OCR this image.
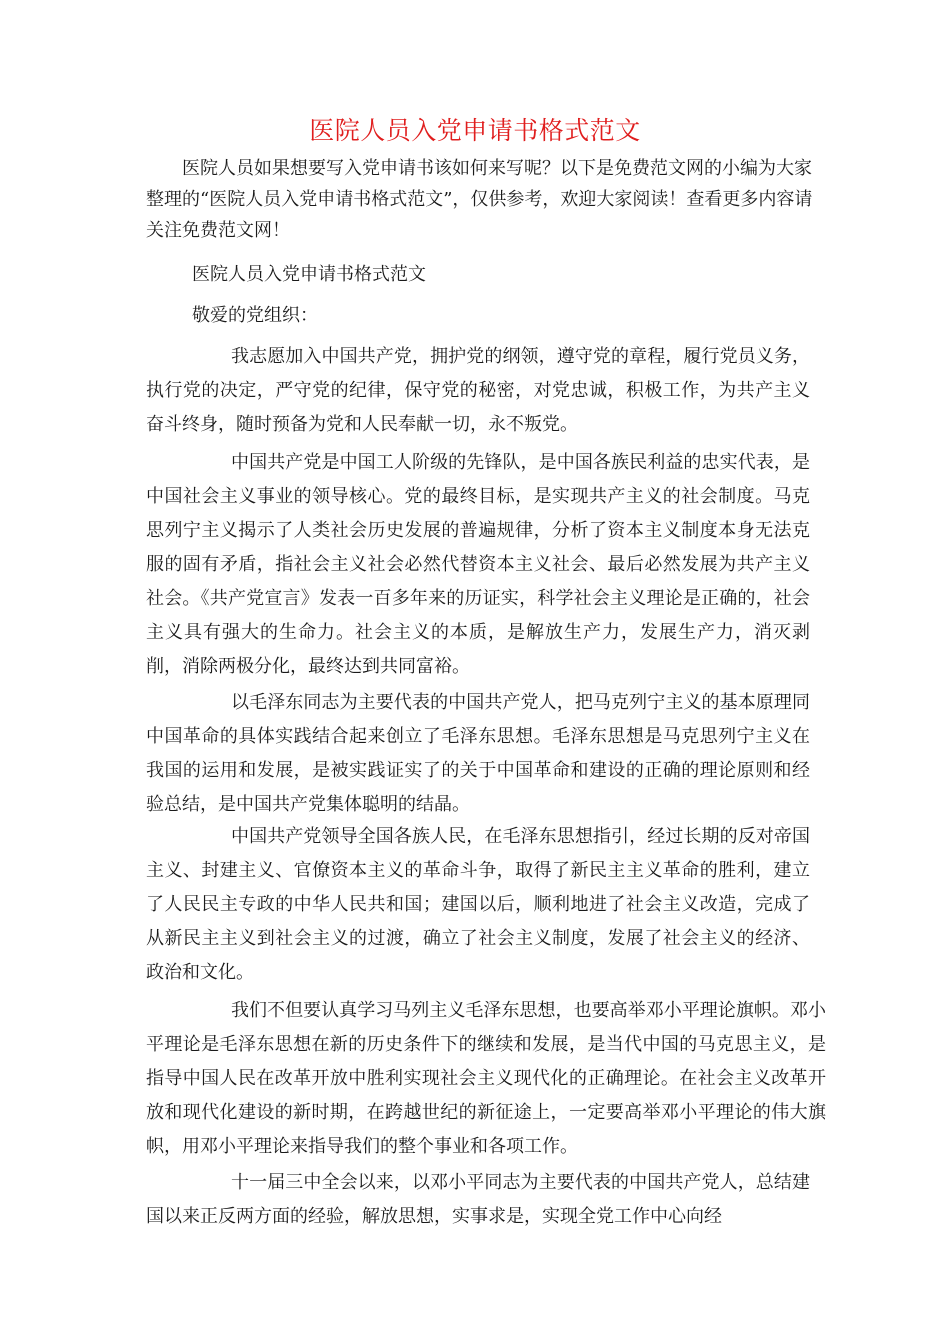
医院人员入党申请书格式范文
医院人员如果想要写入党申请书该如何来写呢？以下是免费范文网的小编为大家整理的“医院人员入党申请书格式范文”，仅供参考，欢迎大家阅读！查看更多内容请关注免费范文网！
医院人员入党申请书格式范文
敬爱的党组织：
我志愿加入中国共产党，拥护党的纲领，遵守党的章程，履行党员义务，执行党的决定，严守党的纪律，保守党的秘密，对党忠诚，积极工作，为共产主义奋斗终身，随时预备为党和人民奉献一切，永不叛党。
中国共产党是中国工人阶级的先锋队，是中国各族民利益的忠实代表，是中国社会主义事业的领导核心。党的最终目标，是实现共产主义的社会制度。马克思列宁主义揭示了人类社会历史发展的普遍规律，分析了资本主义制度本身无法克服的固有矛盾，指社会主义社会必然代替资本主义社会、最后必然发展为共产主义社会。《共产党宣言》发表一百多年来的历证实，科学社会主义理论是正确的，社会主义具有强大的生命力。社会主义的本质，是解放生产力，发展生产力，消灭剥削，消除两极分化，最终达到共同富裕。
以毛泽东同志为主要代表的中国共产党人，把马克列宁主义的基本原理同中国革命的具体实践结合起来创立了毛泽东思想。毛泽东思想是马克思列宁主义在我国的运用和发展，是被实践证实了的关于中国革命和建设的正确的理论原则和经验总结，是中国共产党集体聪明的结晶。
中国共产党领导全国各族人民，在毛泽东思想指引，经过长期的反对帝国主义、封建主义、官僚资本主义的革命斗争，取得了新民主主义革命的胜利，建立了人民民主专政的中华人民共和国；建国以后，顺利地进了社会主义改造，完成了从新民主主义到社会主义的过渡，确立了社会主义制度，发展了社会主义的经济、政治和文化。
我们不但要认真学习马列主义毛泽东思想，也要高举邓小平理论旗帜。邓小平理论是毛泽东思想在新的历史条件下的继续和发展，是当代中国的马克思主义，是指导中国人民在改革开放中胜利实现社会主义现代化的正确理论。在社会主义改革开放和现代化建设的新时期，在跨越世纪的新征途上，一定要高举邓小平理论的伟大旗帜，用邓小平理论来指导我们的整个事业和各项工作。
十一届三中全会以来，以邓小平同志为主要代表的中国共产党人，总结建国以来正反两方面的经验，解放思想，实事求是，实现全党工作中心向经
